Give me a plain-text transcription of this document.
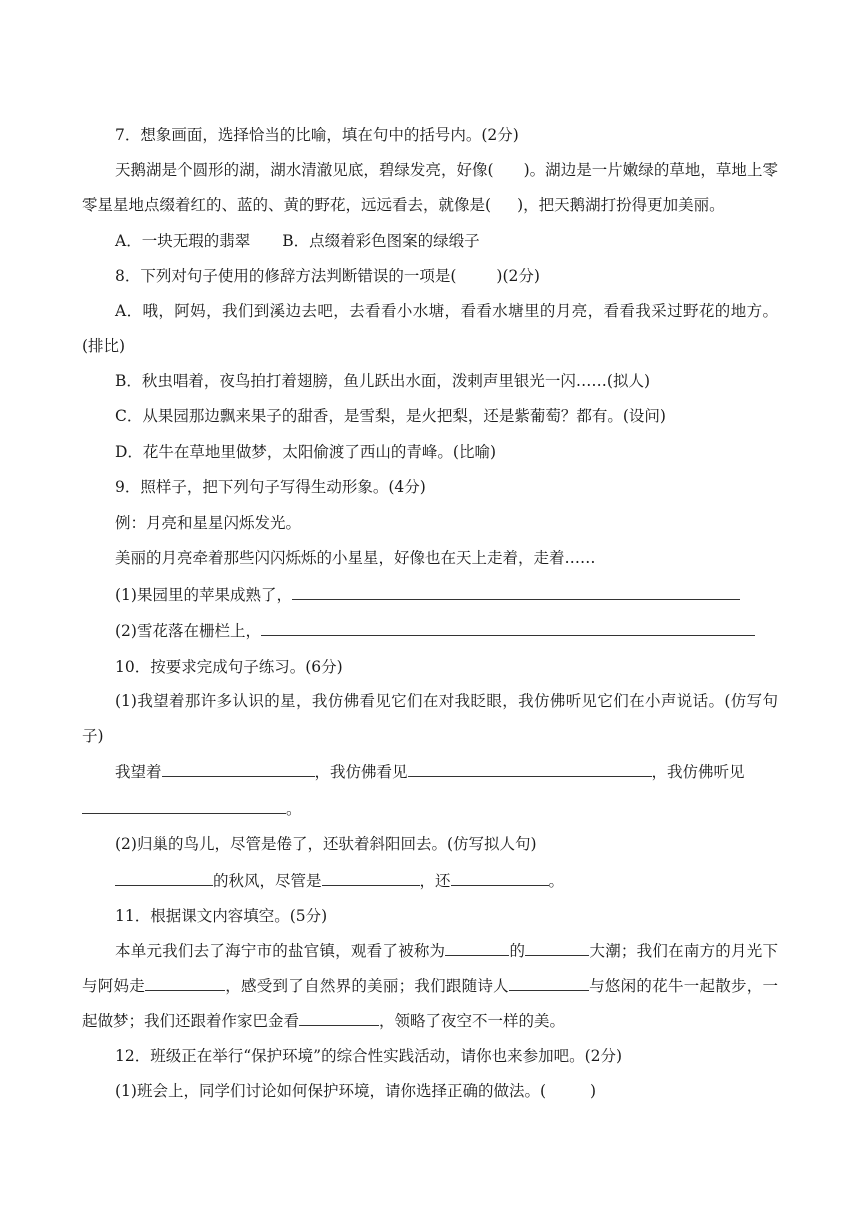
7．想象画面，选择恰当的比喻，填在句中的括号内。(2分)
天鹅湖是个圆形的湖，湖水清澈见底，碧绿发亮，好像( )。湖边是一片嫩绿的草地，草地上零零星星地点缀着红的、蓝的、黄的野花，远远看去，就像是( )，把天鹅湖打扮得更加美丽。
A．一块无瑕的翡翠 B．点缀着彩色图案的绿缎子
8．下列对句子使用的修辞方法判断错误的一项是(	)(2分)
A．哦，阿妈，我们到溪边去吧，去看看小水塘，看看水塘里的月亮，看看我采过野花的地方。(排比)
B．秋虫唱着，夜鸟拍打着翅膀，鱼儿跃出水面，泼剌声里银光一闪……(拟人)
C．从果园那边飘来果子的甜香，是雪梨，是火把梨，还是紫葡萄？都有。(设问)
D．花牛在草地里做梦，太阳偷渡了西山的青峰。(比喻)
9．照样子，把下列句子写得生动形象。(4分)
例：月亮和星星闪烁发光。
美丽的月亮牵着那些闪闪烁烁的小星星，好像也在天上走着，走着……
(1)果园里的苹果成熟了，
(2)雪花落在栅栏上，
10．按要求完成句子练习。(6分)
(1)我望着那许多认识的星，我仿佛看见它们在对我眨眼，我仿佛听见它们在小声说话。(仿写句子)
我望着	，我仿佛看见	，我仿佛听见
。
(2)归巢的鸟儿，尽管是倦了，还驮着斜阳回去。(仿写拟人句)
的秋风，尽管是	，还	。
11．根据课文内容填空。(5分)
本单元我们去了海宁市的盐官镇，观看了被称为	的	大潮；我们在南方的月光下与阿妈走	，感受到了自然界的美丽；我们跟随诗人	与悠闲的花牛一起散步，一起做梦；我们还跟着作家巴金看	，领略了夜空不一样的美。
12．班级正在举行“保护环境”的综合性实践活动，请你也来参加吧。(2分)
(1)班会上，同学们讨论如何保护环境，请你选择正确的做法。(	)
